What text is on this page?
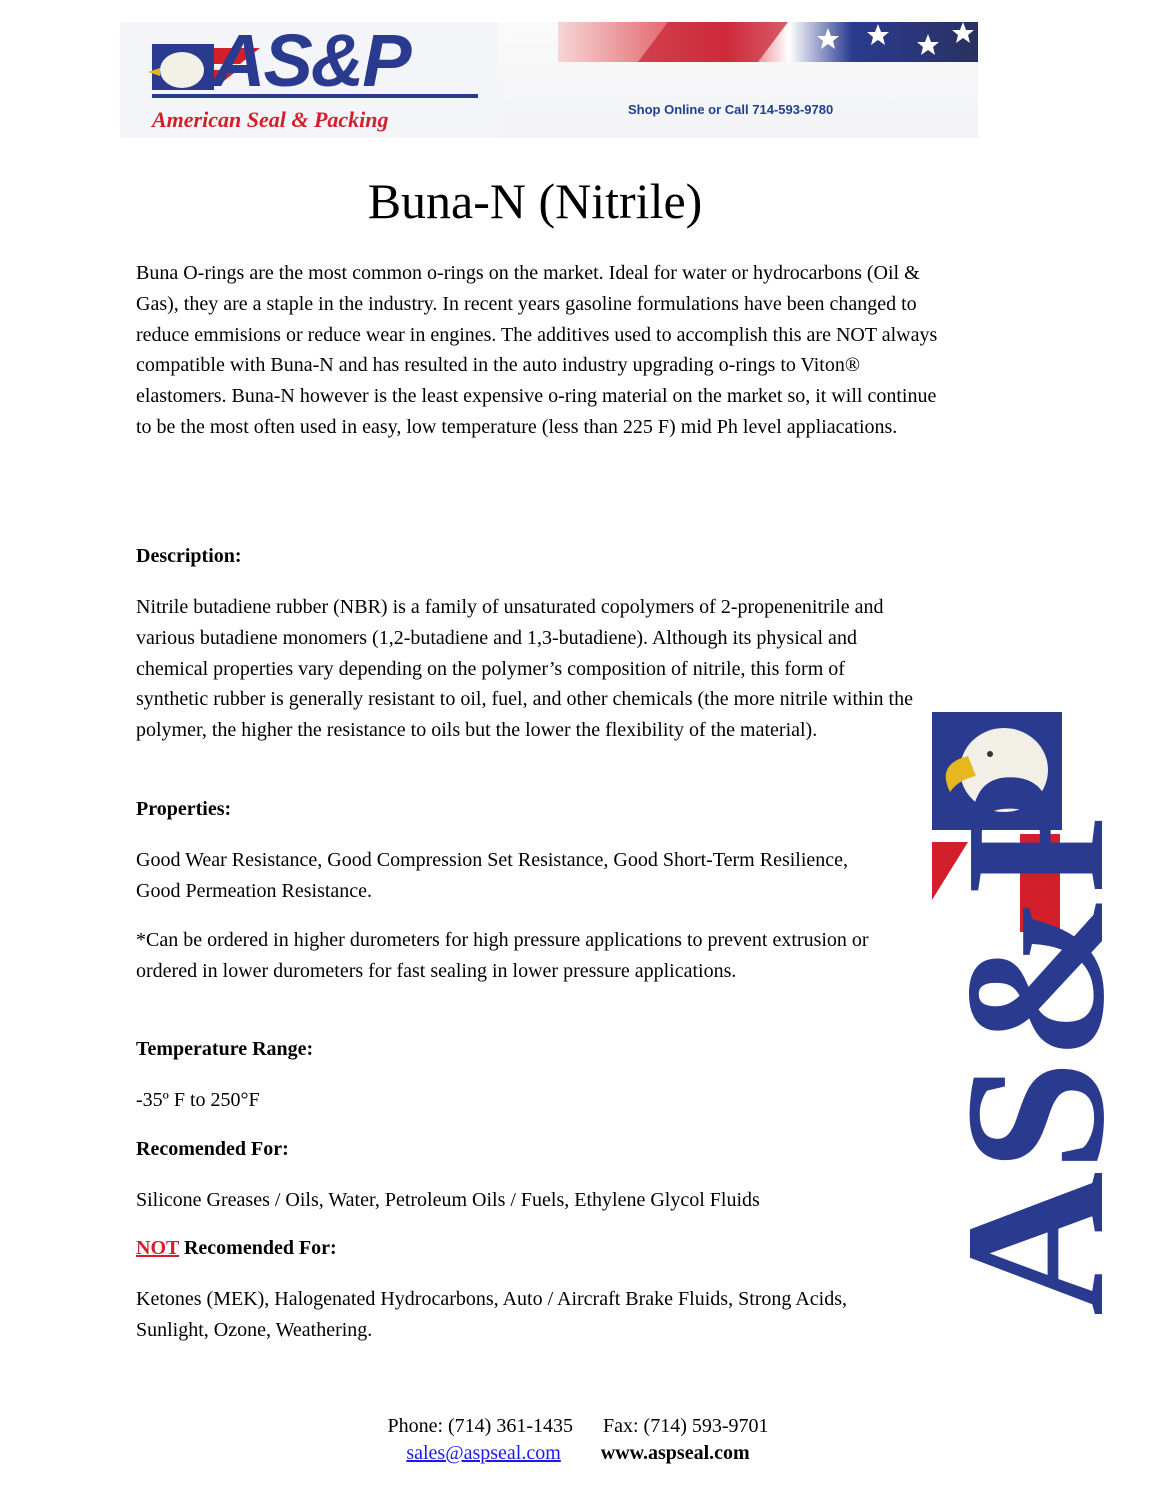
AS&P
American Seal & Packing	Shop Online or Call 714-593-9780
Buna-N (Nitrile)
Buna O-rings are the most common o-rings on the market. Ideal for water or hydrocarbons (Oil & Gas), they are a staple in the industry. In recent years gasoline formulations have been changed to reduce emmisions or reduce wear in engines. The additives used to accomplish this are NOT always compatible with Buna-N and has resulted in the auto industry upgrading o-rings to Viton® elastomers. Buna-N however is the least expensive o-ring material on the market so, it will continue to be the most often used in easy, low temperature (less than 225 F) mid Ph level appliacations.
Description:
Nitrile butadiene rubber (NBR) is a family of unsaturated copolymers of 2-propenenitrile and various butadiene monomers (1,2-butadiene and 1,3-butadiene). Although its physical and chemical properties vary depending on the polymer’s composition of nitrile, this form of synthetic rubber is generally resistant to oil, fuel, and other chemicals (the more nitrile within the polymer, the higher the resistance to oils but the lower the flexibility of the material).
Properties:
Good Wear Resistance, Good Compression Set Resistance, Good Short-Term Resilience, Good Permeation Resistance.
*Can be ordered in higher durometers for high pressure applications to prevent extrusion or ordered in lower durometers for fast sealing in lower pressure applications.
Temperature Range:
-35º F to 250°F
Recomended For:
Silicone Greases / Oils, Water, Petroleum Oils / Fuels, Ethylene Glycol Fluids
NOT Recomended For:
Ketones (MEK), Halogenated Hydrocarbons, Auto / Aircraft Brake Fluids, Strong Acids, Sunlight, Ozone, Weathering.
AS&P
Phone: (714) 361-1435 Fax: (714) 593-9701
sales@aspseal.com www.aspseal.com
